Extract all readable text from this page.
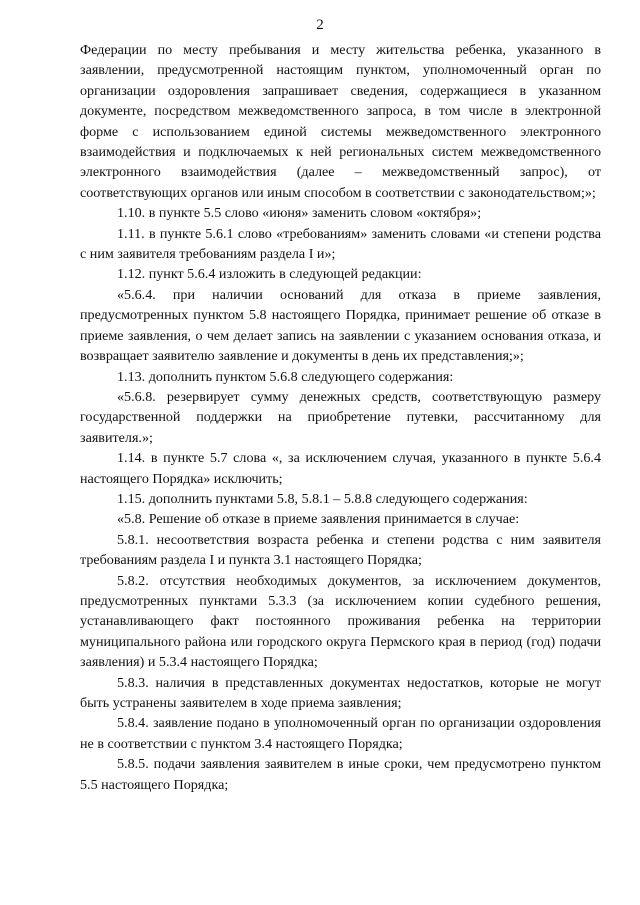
2

Федерации по месту пребывания и месту жительства ребенка, указанного в заявлении, предусмотренной настоящим пунктом, уполномоченный орган по организации оздоровления запрашивает сведения, содержащиеся в указанном документе, посредством межведомственного запроса, в том числе в электронной форме с использованием единой системы межведомственного электронного взаимодействия и подключаемых к ней региональных систем межведомственного электронного взаимодействия (далее – межведомственный запрос), от соответствующих органов или иным способом в соответствии с законодательством;»;

1.10. в пункте 5.5 слово «июня» заменить словом «октября»;

1.11. в пункте 5.6.1 слово «требованиям» заменить словами «и степени родства с ним заявителя требованиям раздела I и»;

1.12. пункт 5.6.4 изложить в следующей редакции:

«5.6.4. при наличии оснований для отказа в приеме заявления, предусмотренных пунктом 5.8 настоящего Порядка, принимает решение об отказе в приеме заявления, о чем делает запись на заявлении с указанием основания отказа, и возвращает заявителю заявление и документы в день их представления;»;

1.13. дополнить пунктом 5.6.8 следующего содержания:

«5.6.8. резервирует сумму денежных средств, соответствующую размеру государственной поддержки на приобретение путевки, рассчитанному для заявителя.»;

1.14. в пункте 5.7 слова «, за исключением случая, указанного в пункте 5.6.4 настоящего Порядка» исключить;

1.15. дополнить пунктами 5.8, 5.8.1 – 5.8.8 следующего содержания:

«5.8. Решение об отказе в приеме заявления принимается в случае:

5.8.1. несоответствия возраста ребенка и степени родства с ним заявителя требованиям раздела I и пункта 3.1 настоящего Порядка;

5.8.2. отсутствия необходимых документов, за исключением документов, предусмотренных пунктами 5.3.3 (за исключением копии судебного решения, устанавливающего факт постоянного проживания ребенка на территории муниципального района или городского округа Пермского края в период (год) подачи заявления) и 5.3.4 настоящего Порядка;

5.8.3. наличия в представленных документах недостатков, которые не могут быть устранены заявителем в ходе приема заявления;

5.8.4. заявление подано в уполномоченный орган по организации оздоровления не в соответствии с пунктом 3.4 настоящего Порядка;

5.8.5. подачи заявления заявителем в иные сроки, чем предусмотрено пунктом 5.5 настоящего Порядка;
